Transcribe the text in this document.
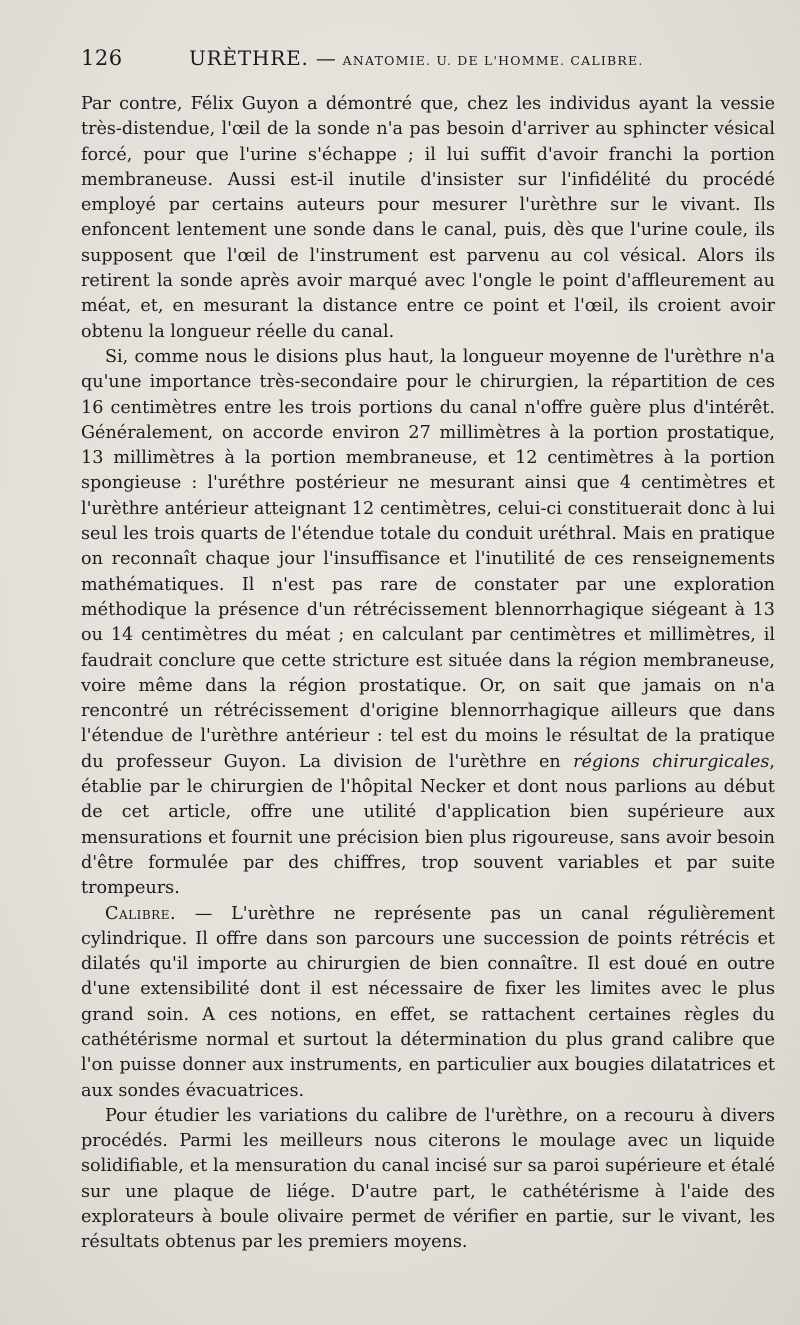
126	URÈTHRE. — ANATOMIE. U. DE L'HOMME. CALIBRE.

Par contre, Félix Guyon a démontré que, chez les individus ayant la vessie très-distendue, l'œil de la sonde n'a pas besoin d'arriver au sphincter vésical forcé, pour que l'urine s'échappe ; il lui suffit d'avoir franchi la portion membraneuse. Aussi est-il inutile d'insister sur l'infidélité du procédé employé par certains auteurs pour mesurer l'urèthre sur le vivant. Ils enfoncent lentement une sonde dans le canal, puis, dès que l'urine coule, ils supposent que l'œil de l'instrument est parvenu au col vésical. Alors ils retirent la sonde après avoir marqué avec l'ongle le point d'affleurement au méat, et, en mesurant la distance entre ce point et l'œil, ils croient avoir obtenu la longueur réelle du canal.

Si, comme nous le disions plus haut, la longueur moyenne de l'urèthre n'a qu'une importance très-secondaire pour le chirurgien, la répartition de ces 16 centimètres entre les trois portions du canal n'offre guère plus d'intérêt. Généralement, on accorde environ 27 millimètres à la portion prostatique, 13 millimètres à la portion membraneuse, et 12 centimètres à la portion spongieuse : l'uréthre postérieur ne mesurant ainsi que 4 centimètres et l'urèthre antérieur atteignant 12 centimètres, celui-ci constituerait donc à lui seul les trois quarts de l'étendue totale du conduit uréthral. Mais en pratique on reconnaît chaque jour l'insuffisance et l'inutilité de ces renseignements mathématiques. Il n'est pas rare de constater par une exploration méthodique la présence d'un rétrécissement blennorrhagique siégeant à 13 ou 14 centimètres du méat ; en calculant par centimètres et millimètres, il faudrait conclure que cette stricture est située dans la région membraneuse, voire même dans la région prostatique. Or, on sait que jamais on n'a rencontré un rétrécissement d'origine blennorrhagique ailleurs que dans l'étendue de l'urèthre antérieur : tel est du moins le résultat de la pratique du professeur Guyon. La division de l'urèthre en régions chirurgicales, établie par le chirurgien de l'hôpital Necker et dont nous parlions au début de cet article, offre une utilité d'application bien supérieure aux mensurations et fournit une précision bien plus rigoureuse, sans avoir besoin d'être formulée par des chiffres, trop souvent variables et par suite trompeurs.

Calibre. — L'urèthre ne représente pas un canal régulièrement cylindrique. Il offre dans son parcours une succession de points rétrécis et dilatés qu'il importe au chirurgien de bien connaître. Il est doué en outre d'une extensibilité dont il est nécessaire de fixer les limites avec le plus grand soin. A ces notions, en effet, se rattachent certaines règles du cathétérisme normal et surtout la détermination du plus grand calibre que l'on puisse donner aux instruments, en particulier aux bougies dilatatrices et aux sondes évacuatrices.

Pour étudier les variations du calibre de l'urèthre, on a recouru à divers procédés. Parmi les meilleurs nous citerons le moulage avec un liquide solidifiable, et la mensuration du canal incisé sur sa paroi supérieure et étalé sur une plaque de liége. D'autre part, le cathétérisme à l'aide des explorateurs à boule olivaire permet de vérifier en partie, sur le vivant, les résultats obtenus par les premiers moyens.
